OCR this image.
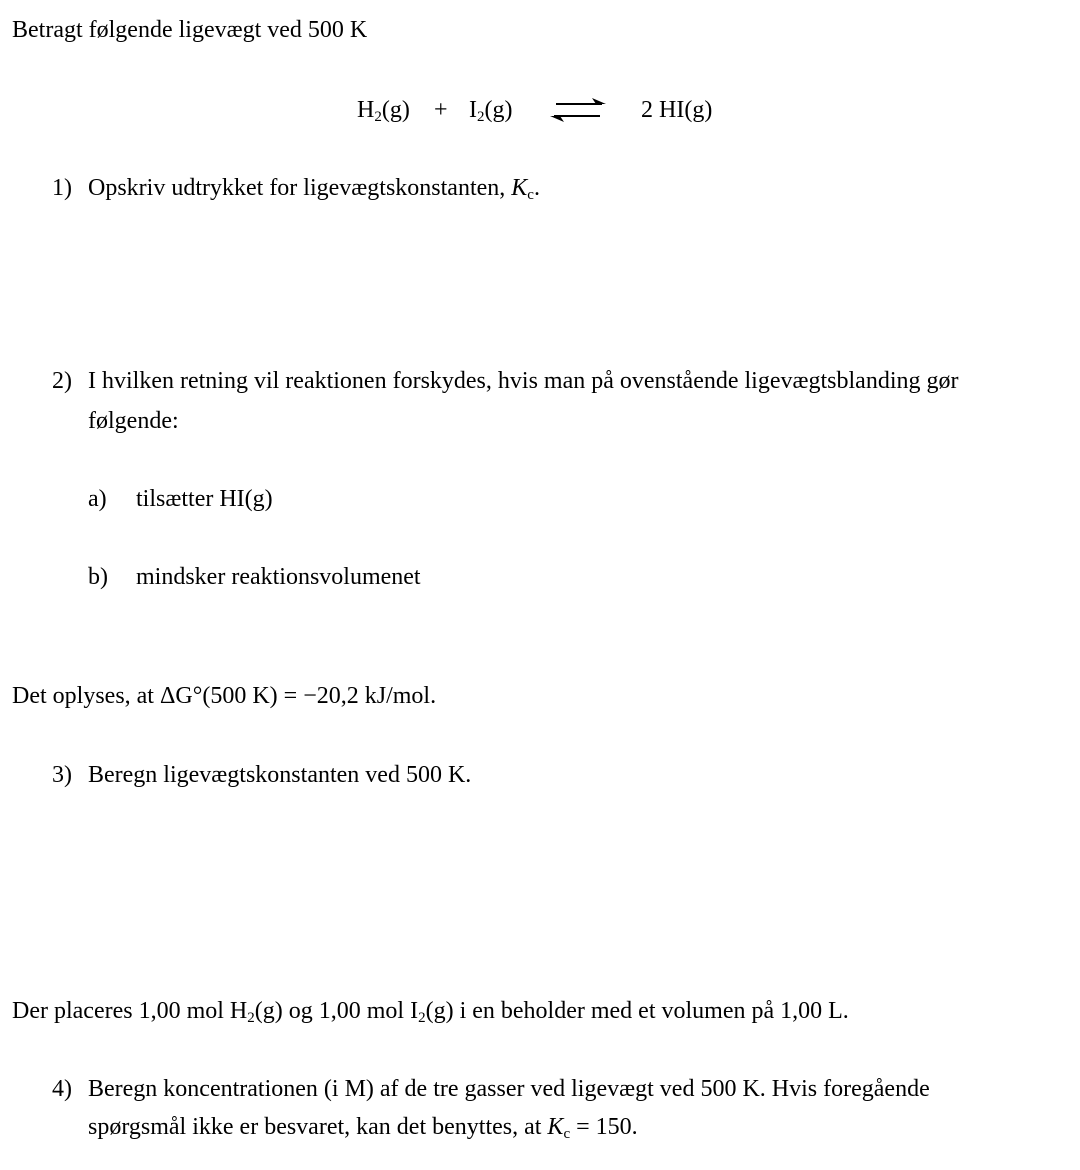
Betragt følgende ligevægt ved 500 K
H2(g) + I2(g)	2 HI(g)
1) Opskriv udtrykket for ligevægtskonstanten, Kc.
2) I hvilken retning vil reaktionen forskydes, hvis man på ovenstående ligevægtsblanding gør
følgende:
a) tilsætter HI(g)
b) mindsker reaktionsvolumenet
Det oplyses, at ΔG°(500 K) = −20,2 kJ/mol.
3) Beregn ligevægtskonstanten ved 500 K.
Der placeres 1,00 mol H2(g) og 1,00 mol I2(g) i en beholder med et volumen på 1,00 L.
4) Beregn koncentrationen (i M) af de tre gasser ved ligevægt ved 500 K. Hvis foregående
spørgsmål ikke er besvaret, kan det benyttes, at Kc = 150.
